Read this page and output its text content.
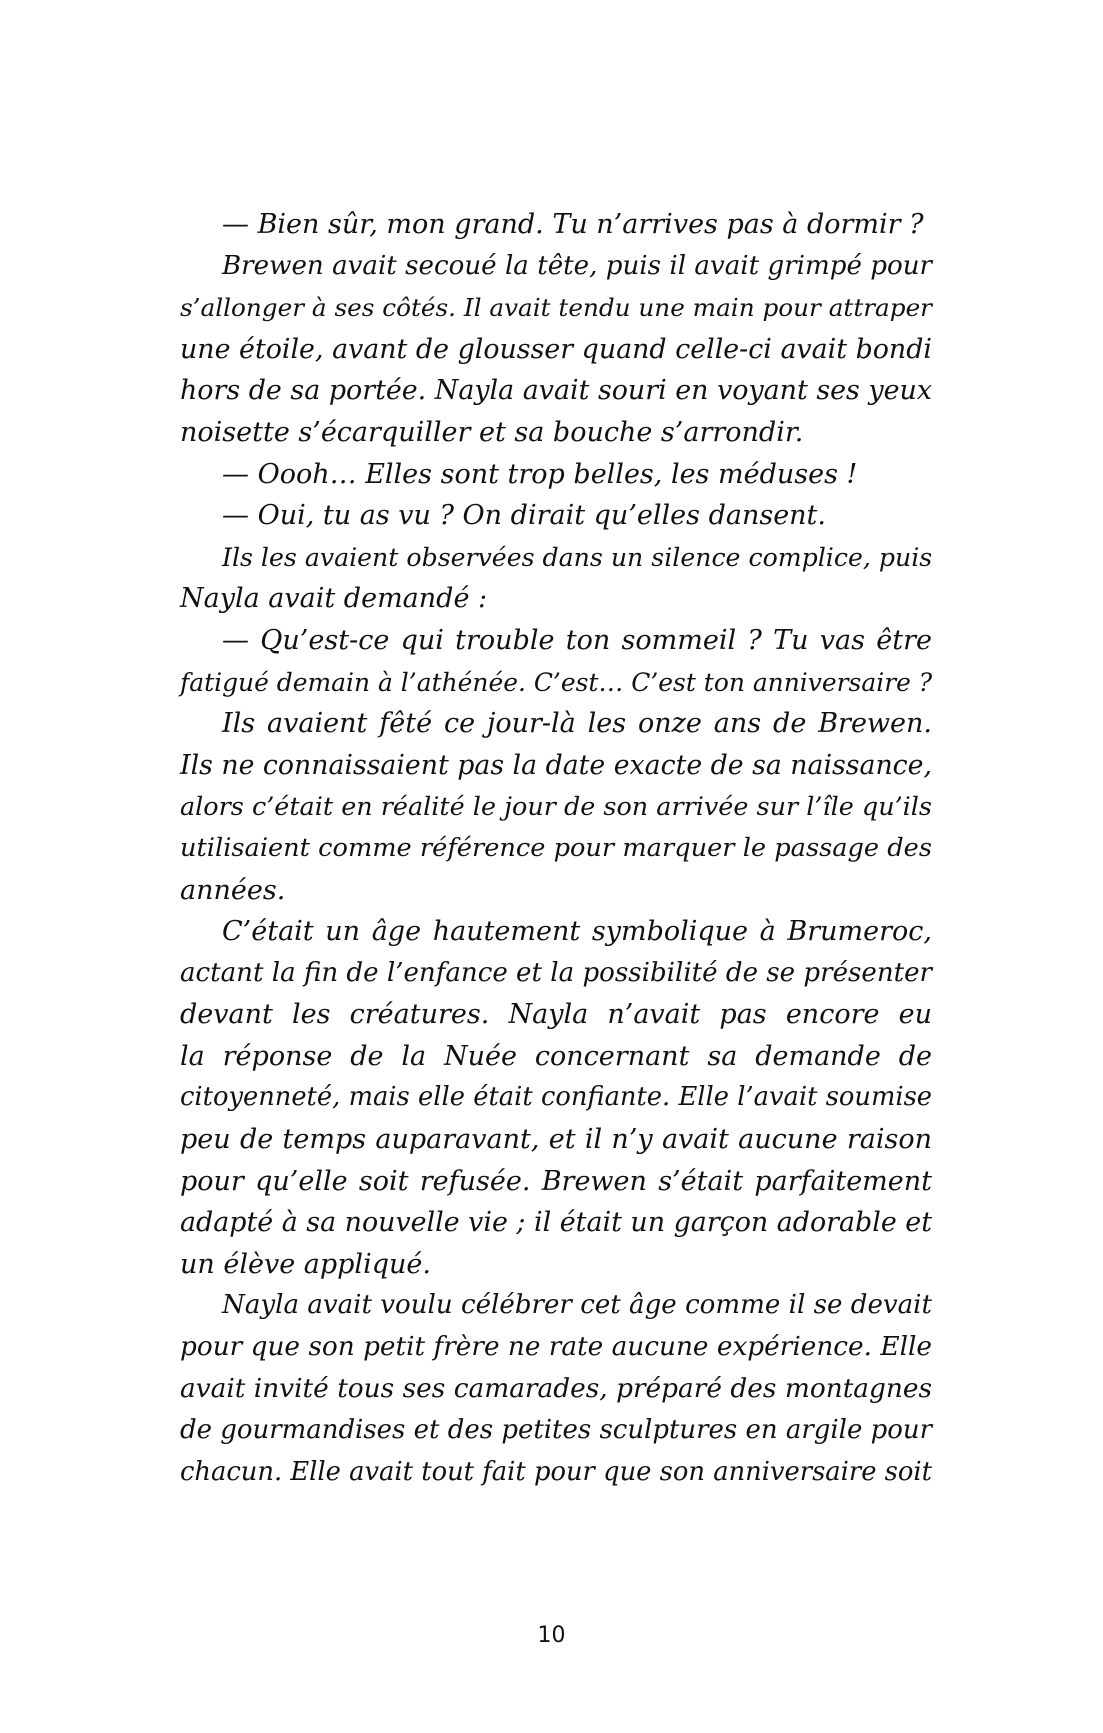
— Bien sûr, mon grand. Tu n’arrives pas à dormir ?
Brewen avait secoué la tête, puis il avait grimpé pour
s’allonger à ses côtés. Il avait tendu une main pour attraper
une étoile, avant de glousser quand celle-ci avait bondi
hors de sa portée. Nayla avait souri en voyant ses yeux
noisette s’écarquiller et sa bouche s’arrondir.
— Oooh… Elles sont trop belles, les méduses !
— Oui, tu as vu ? On dirait qu’elles dansent.
Ils les avaient observées dans un silence complice, puis
Nayla avait demandé :
— Qu’est-ce qui trouble ton sommeil ? Tu vas être
fatigué demain à l’athénée. C’est… C’est ton anniversaire ?
Ils avaient fêté ce jour-là les onze ans de Brewen.
Ils ne connaissaient pas la date exacte de sa naissance,
alors c’était en réalité le jour de son arrivée sur l’île qu’ils
utilisaient comme référence pour marquer le passage des
années.
C’était un âge hautement symbolique à Brumeroc,
actant la fin de l’enfance et la possibilité de se présenter
devant les créatures. Nayla n’avait pas encore eu
la réponse de la Nuée concernant sa demande de
citoyenneté, mais elle était confiante. Elle l’avait soumise
peu de temps auparavant, et il n’y avait aucune raison
pour qu’elle soit refusée. Brewen s’était parfaitement
adapté à sa nouvelle vie ; il était un garçon adorable et
un élève appliqué.
Nayla avait voulu célébrer cet âge comme il se devait
pour que son petit frère ne rate aucune expérience. Elle
avait invité tous ses camarades, préparé des montagnes
de gourmandises et des petites sculptures en argile pour
chacun. Elle avait tout fait pour que son anniversaire soit
10
